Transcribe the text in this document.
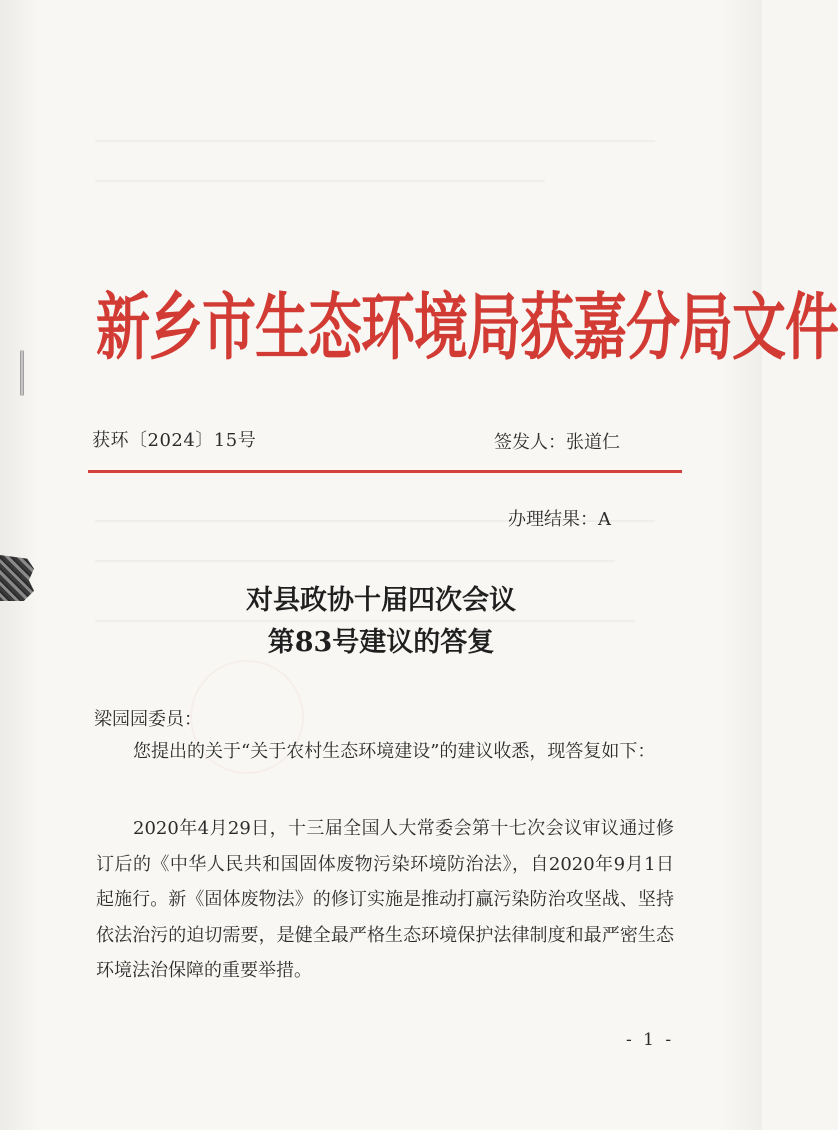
新乡市生态环境局获嘉分局文件
获环〔2024〕15号	签发人：张道仁
办理结果：A
对县政协十届四次会议
第83号建议的答复
梁园园委员：
您提出的关于“关于农村生态环境建设”的建议收悉，现答复如下：
2020年4月29日，十三届全国人大常委会第十七次会议审议通过修订后的《中华人民共和国固体废物污染环境防治法》，自2020年9月1日起施行。新《固体废物法》的修订实施是推动打赢污染防治攻坚战、坚持依法治污的迫切需要，是健全最严格生态环境保护法律制度和最严密生态环境法治保障的重要举措。
- 1 -
